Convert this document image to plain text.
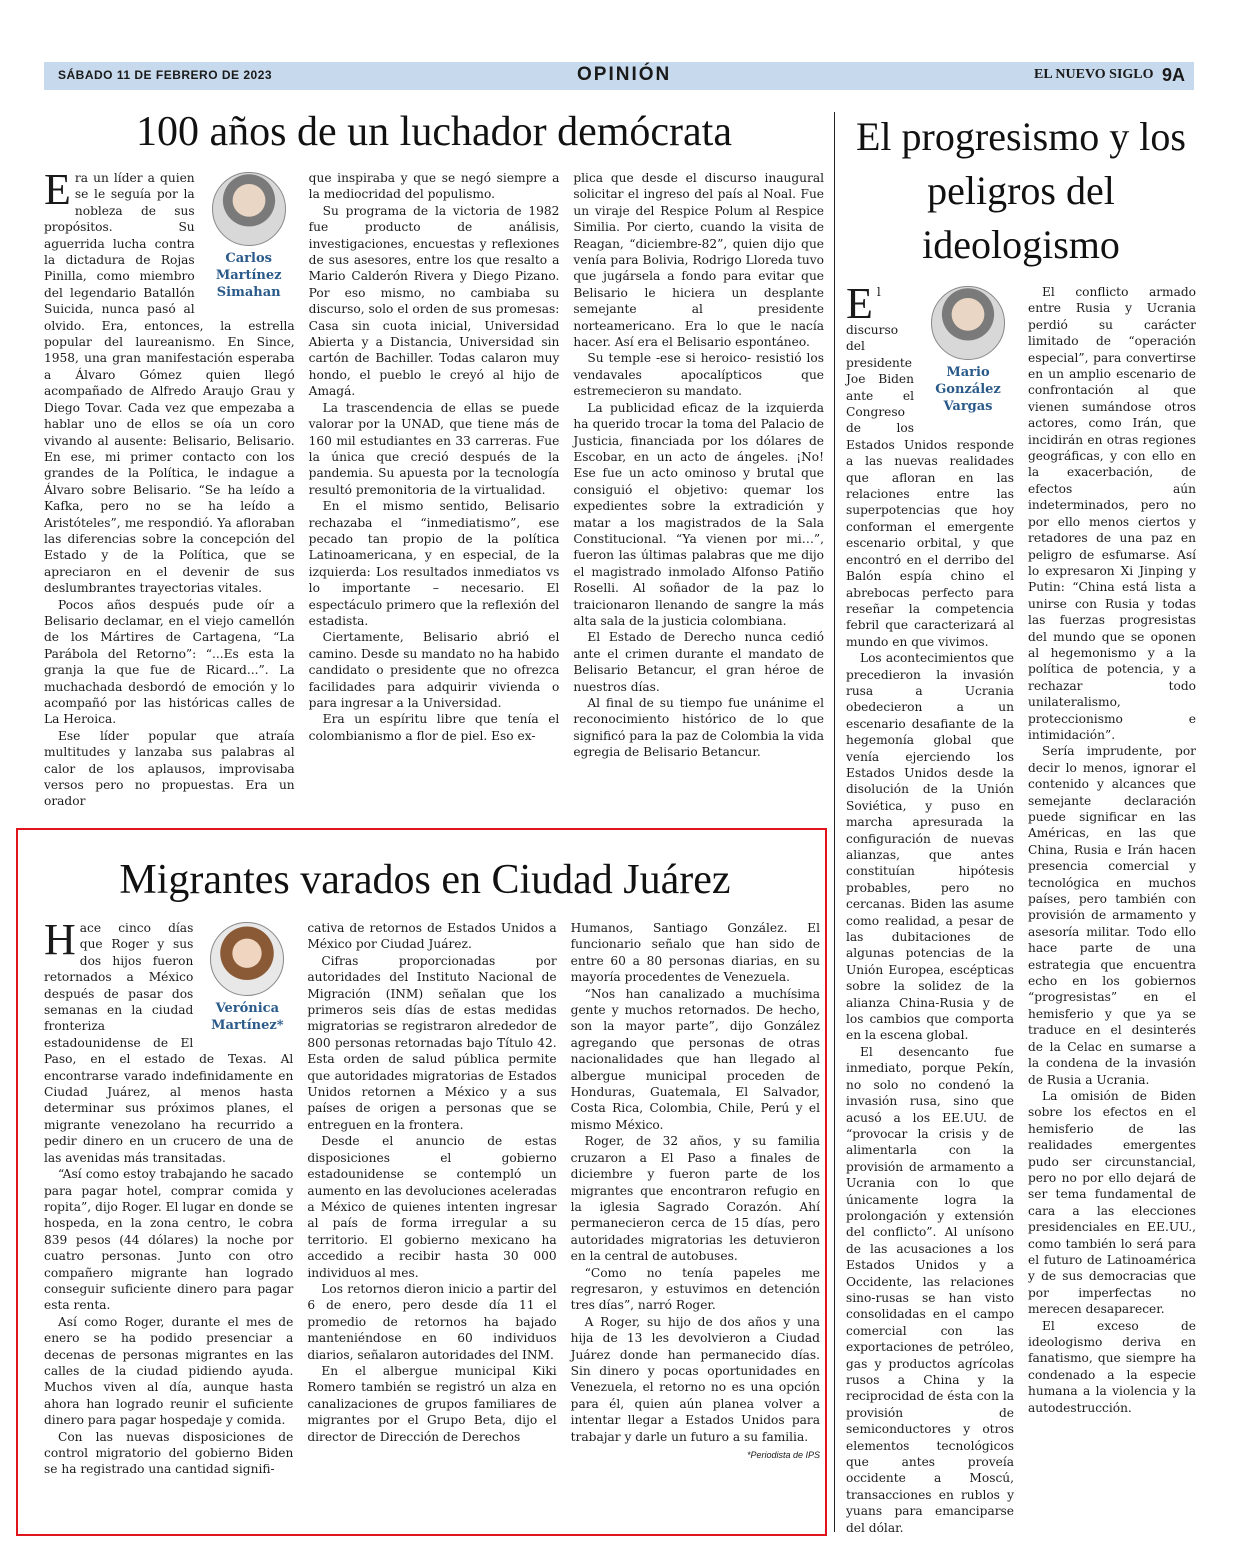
SÁBADO 11 DE FEBRERO DE 2023	OPINIÓN	EL NUEVO SIGLO 9A
100 años de un luchador demócrata
Carlos Martínez Simahan

Era un líder a quien se le seguía por la nobleza de sus propósitos. Su aguerrida lucha contra la dictadura de Rojas Pinilla, como miembro del legendario Batallón Suicida, nunca pasó al olvido. Era, entonces, la estrella popular del laureanismo. En Since, 1958, una gran manifestación esperaba a Álvaro Gómez quien llegó acompañado de Alfredo Araujo Grau y Diego Tovar. Cada vez que empezaba a hablar uno de ellos se oía un coro vivando al ausente: Belisario, Belisario. En ese, mi primer contacto con los grandes de la Política, le indague a Álvaro sobre Belisario. “Se ha leído a Kafka, pero no se ha leído a Aristóteles”, me respondió. Ya afloraban las diferencias sobre la concepción del Estado y de la Política, que se apreciaron en el devenir de sus deslumbrantes trayectorias vitales.

Pocos años después pude oír a Belisario declamar, en el viejo camellón de los Mártires de Cartagena, “La Parábola del Retorno”: “...Es esta la granja la que fue de Ricard...”. La muchachada desbordó de emoción y lo acompañó por las históricas calles de La Heroica.

Ese líder popular que atraía multitudes y lanzaba sus palabras al calor de los aplausos, improvisaba versos pero no propuestas. Era un orador

que inspiraba y que se negó siempre a la mediocridad del populismo.

Su programa de la victoria de 1982 fue producto de análisis, investigaciones, encuestas y reflexiones de sus asesores, entre los que resalto a Mario Calderón Rivera y Diego Pizano. Por eso mismo, no cambiaba su discurso, solo el orden de sus promesas: Casa sin cuota inicial, Universidad Abierta y a Distancia, Universidad sin cartón de Bachiller. Todas calaron muy hondo, el pueblo le creyó al hijo de Amagá.

La trascendencia de ellas se puede valorar por la UNAD, que tiene más de 160 mil estudiantes en 33 carreras. Fue la única que creció después de la pandemia. Su apuesta por la tecnología resultó premonitoria de la virtualidad.

En el mismo sentido, Belisario rechazaba el “inmediatismo”, ese pecado tan propio de la política Latinoamericana, y en especial, de la izquierda: Los resultados inmediatos vs lo importante – necesario. El espectáculo primero que la reflexión del estadista.

Ciertamente, Belisario abrió el camino. Desde su mandato no ha habido candidato o presidente que no ofrezca facilidades para adquirir vivienda o para ingresar a la Universidad.

Era un espíritu libre que tenía el colombianismo a flor de piel. Eso ex-

plica que desde el discurso inaugural solicitar el ingreso del país al Noal. Fue un viraje del Respice Polum al Respice Similia. Por cierto, cuando la visita de Reagan, “diciembre-82”, quien dijo que venía para Bolivia, Rodrigo Lloreda tuvo que jugársela a fondo para evitar que Belisario le hiciera un desplante semejante al presidente norteamericano. Era lo que le nacía hacer. Así era el Belisario espontáneo.

Su temple -ese si heroico- resistió los vendavales apocalípticos que estremecieron su mandato.

La publicidad eficaz de la izquierda ha querido trocar la toma del Palacio de Justicia, financiada por los dólares de Escobar, en un acto de ángeles. ¡No! Ese fue un acto ominoso y brutal que consiguió el objetivo: quemar los expedientes sobre la extradición y matar a los magistrados de la Sala Constitucional. “Ya vienen por mi…”, fueron las últimas palabras que me dijo el magistrado inmolado Alfonso Patiño Roselli. Al soñador de la paz lo traicionaron llenando de sangre la más alta sala de la justicia colombiana.

El Estado de Derecho nunca cedió ante el crimen durante el mandato de Belisario Betancur, el gran héroe de nuestros días.

Al final de su tiempo fue unánime el reconocimiento histórico de lo que significó para la paz de Colombia la vida egregia de Belisario Betancur.

El progresismo y los peligros del ideologismo
Mario González Vargas

El discurso del presidente Joe Biden ante el Congreso de los Estados Unidos responde a las nuevas realidades que afloran en las relaciones entre las superpotencias que hoy conforman el emergente escenario orbital, y que encontró en el derribo del Balón espía chino el abrebocas perfecto para reseñar la competencia febril que caracterizará al mundo en que vivimos.

Los acontecimientos que precedieron la invasión rusa a Ucrania obedecieron a un escenario desafiante de la hegemonía global que venía ejerciendo los Estados Unidos desde la disolución de la Unión Soviética, y puso en marcha apresurada la configuración de nuevas alianzas, que antes constituían hipótesis probables, pero no cercanas. Biden las asume como realidad, a pesar de las dubitaciones de algunas potencias de la Unión Europea, escépticas sobre la solidez de la alianza China-Rusia y de los cambios que comporta en la escena global.

El desencanto fue inmediato, porque Pekín, no solo no condenó la invasión rusa, sino que acusó a los EE.UU. de “provocar la crisis y de alimentarla con la provisión de armamento a Ucrania con lo que únicamente logra la prolongación y extensión del conflicto”. Al unísono de las acusaciones a los Estados Unidos y a Occidente, las relaciones sino-rusas se han visto consolidadas en el campo comercial con las exportaciones de petróleo, gas y productos agrícolas rusos a China y la reciprocidad de ésta con la provisión de semiconductores y otros elementos tecnológicos que antes proveía occidente a Moscú, transacciones en rublos y yuans para emanciparse del dólar.

El conflicto armado entre Rusia y Ucrania perdió su carácter limitado de “operación especial”, para convertirse en un amplio escenario de confrontación al que vienen sumándose otros actores, como Irán, que incidirán en otras regiones geográficas, y con ello en la exacerbación, de efectos aún indeterminados, pero no por ello menos ciertos y retadores de una paz en peligro de esfumarse. Así lo expresaron Xi Jinping y Putin: “China está lista a unirse con Rusia y todas las fuerzas progresistas del mundo que se oponen al hegemonismo y a la política de potencia, y a rechazar todo unilateralismo, proteccionismo e intimidación”.

Sería imprudente, por decir lo menos, ignorar el contenido y alcances que semejante declaración puede significar en las Américas, en las que China, Rusia e Irán hacen presencia comercial y tecnológica en muchos países, pero también con provisión de armamento y asesoría militar. Todo ello hace parte de una estrategia que encuentra echo en los gobiernos “progresistas” en el hemisferio y que ya se traduce en el desinterés de la Celac en sumarse a la condena de la invasión de Rusia a Ucrania.

La omisión de Biden sobre los efectos en el hemisferio de las realidades emergentes pudo ser circunstancial, pero no por ello dejará de ser tema fundamental de cara a las elecciones presidenciales en EE.UU., como también lo será para el futuro de Latinoamérica y de sus democracias que por imperfectas no merecen desaparecer.

El exceso de ideologismo deriva en fanatismo, que siempre ha condenado a la especie humana a la violencia y la autodestrucción.

Migrantes varados en Ciudad Juárez
Verónica Martínez*

Hace cinco días que Roger y sus dos hijos fueron retornados a México después de pasar dos semanas en la ciudad fronteriza estadounidense de El Paso, en el estado de Texas. Al encontrarse varado indefinidamente en Ciudad Juárez, al menos hasta determinar sus próximos planes, el migrante venezolano ha recurrido a pedir dinero en un crucero de una de las avenidas más transitadas.

“Así como estoy trabajando he sacado para pagar hotel, comprar comida y ropita”, dijo Roger. El lugar en donde se hospeda, en la zona centro, le cobra 839 pesos (44 dólares) la noche por cuatro personas. Junto con otro compañero migrante han logrado conseguir suficiente dinero para pagar esta renta.

Así como Roger, durante el mes de enero se ha podido presenciar a decenas de personas migrantes en las calles de la ciudad pidiendo ayuda. Muchos viven al día, aunque hasta ahora han logrado reunir el suficiente dinero para pagar hospedaje y comida.

Con las nuevas disposiciones de control migratorio del gobierno Biden se ha registrado una cantidad signifi-

cativa de retornos de Estados Unidos a México por Ciudad Juárez.

Cifras proporcionadas por autoridades del Instituto Nacional de Migración (INM) señalan que los primeros seis días de estas medidas migratorias se registraron alrededor de 800 personas retornadas bajo Título 42. Esta orden de salud pública permite que autoridades migratorias de Estados Unidos retornen a México y a sus países de origen a personas que se entreguen en la frontera.

Desde el anuncio de estas disposiciones el gobierno estadounidense se contempló un aumento en las devoluciones aceleradas a México de quienes intenten ingresar al país de forma irregular a su territorio. El gobierno mexicano ha accedido a recibir hasta 30 000 individuos al mes.

Los retornos dieron inicio a partir del 6 de enero, pero desde día 11 el promedio de retornos ha bajado manteniéndose en 60 individuos diarios, señalaron autoridades del INM.

En el albergue municipal Kiki Romero también se registró un alza en canalizaciones de grupos familiares de migrantes por el Grupo Beta, dijo el director de Dirección de Derechos

Humanos, Santiago González. El funcionario señalo que han sido de entre 60 a 80 personas diarias, en su mayoría procedentes de Venezuela.

“Nos han canalizado a muchísima gente y muchos retornados. De hecho, son la mayor parte”, dijo González agregando que personas de otras nacionalidades que han llegado al albergue municipal proceden de Honduras, Guatemala, El Salvador, Costa Rica, Colombia, Chile, Perú y el mismo México.

Roger, de 32 años, y su familia cruzaron a El Paso a finales de diciembre y fueron parte de los migrantes que encontraron refugio en la iglesia Sagrado Corazón. Ahí permanecieron cerca de 15 días, pero autoridades migratorias les detuvieron en la central de autobuses.

“Como no tenía papeles me regresaron, y estuvimos en detención tres días”, narró Roger.

A Roger, su hijo de dos años y una hija de 13 les devolvieron a Ciudad Juárez donde han permanecido días. Sin dinero y pocas oportunidades en Venezuela, el retorno no es una opción para él, quien aún planea volver a intentar llegar a Estados Unidos para trabajar y darle un futuro a su familia.

*Periodista de IPS
